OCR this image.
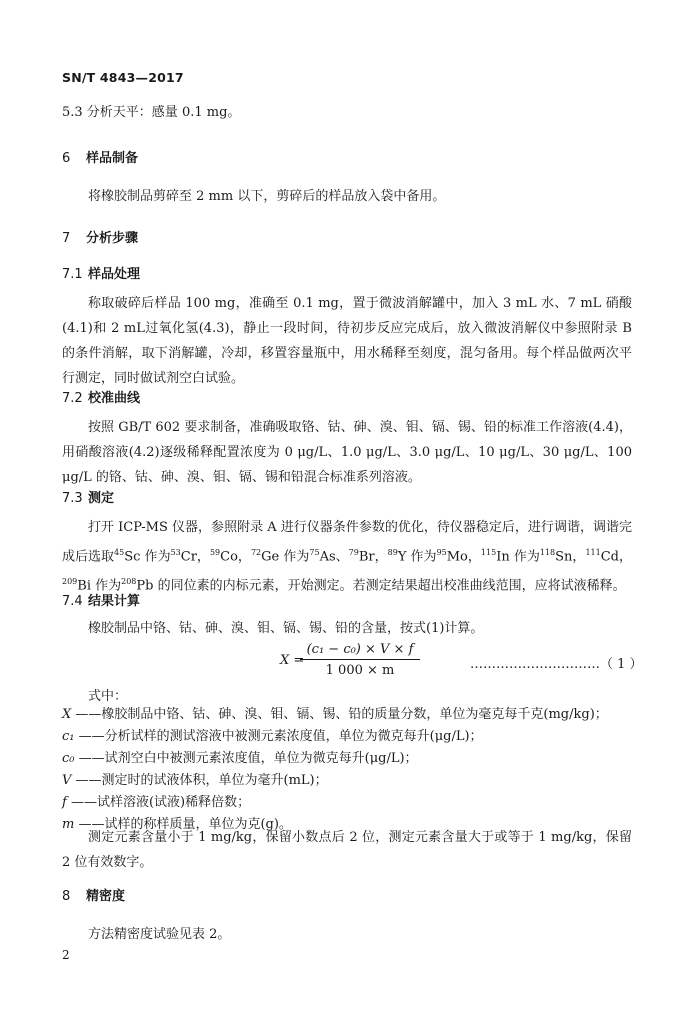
SN/T 4843—2017
5.3 分析天平：感量 0.1 mg。
6 样品制备
将橡胶制品剪碎至 2 mm 以下，剪碎后的样品放入袋中备用。
7 分析步骤
7.1 样品处理
称取破碎后样品 100 mg，准确至 0.1 mg，置于微波消解罐中，加入 3 mL 水、7 mL 硝酸(4.1)和 2 mL过氧化氢(4.3)，静止一段时间，待初步反应完成后，放入微波消解仪中参照附录 B 的条件消解，取下消解罐，冷却，移置容量瓶中，用水稀释至刻度，混匀备用。每个样品做两次平行测定，同时做试剂空白试验。
7.2 校准曲线
按照 GB/T 602 要求制备，准确吸取铬、钴、砷、溴、钼、镉、锡、铅的标准工作溶液(4.4)，用硝酸溶液(4.2)逐级稀释配置浓度为 0 μg/L、1.0 μg/L、3.0 μg/L、10 μg/L、30 μg/L、100 μg/L 的铬、钴、砷、溴、钼、镉、锡和铅混合标准系列溶液。
7.3 测定
打开 ICP-MS 仪器，参照附录 A 进行仪器条件参数的优化，待仪器稳定后，进行调谐，调谐完成后选取$^{45}$Sc 作为$^{53}$Cr，$^{59}$Co，$^{72}$Ge 作为$^{75}$As、$^{79}$Br，$^{89}$Y 作为$^{95}$Mo，$^{115}$In 作为$^{118}$Sn，$^{111}$Cd，$^{209}$Bi 作为$^{208}$Pb 的同位素的内标元素，开始测定。若测定结果超出校准曲线范围，应将试液稀释。
7.4 结果计算
橡胶制品中铬、钴、砷、溴、钼、镉、锡、铅的含量，按式(1)计算。
X =
$\frac{\text{(c₁ − c₀) × V × f}}{1 000 \times m}$	…………………………（ 1 ）
式中：
X ——橡胶制品中铬、钴、砷、溴、钼、镉、锡、铅的质量分数，单位为毫克每千克(mg/kg)；
c₁ ——分析试样的测试溶液中被测元素浓度值，单位为微克每升(μg/L)；
c₀ ——试剂空白中被测元素浓度值，单位为微克每升(μg/L)；
V ——测定时的试液体积，单位为毫升(mL)；
f ——试样溶液(试液)稀释倍数；
m ——试样的称样质量，单位为克(g)。
测定元素含量小于 1 mg/kg，保留小数点后 2 位，测定元素含量大于或等于 1 mg/kg，保留 2 位有效数字。
8 精密度
方法精密度试验见表 2。
2
